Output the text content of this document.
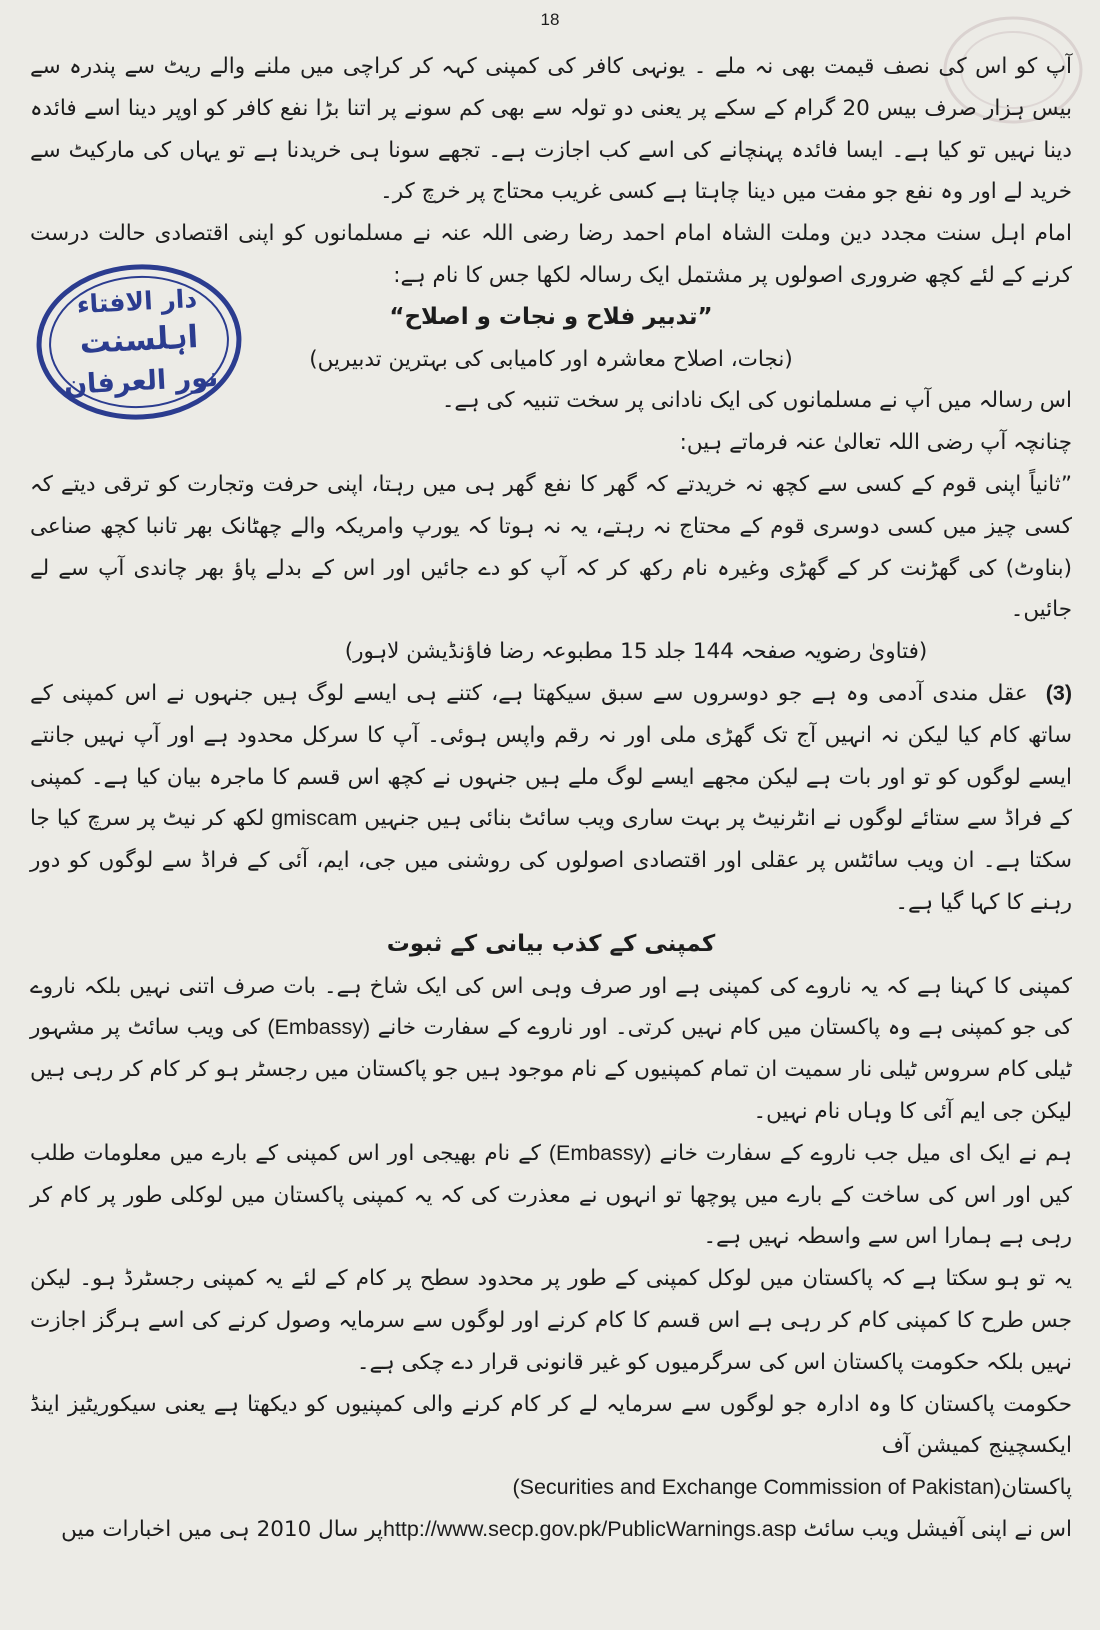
18
دار الافتاء
اہلسنت
نور العرفان

آپ کو اس کی نصف قیمت بھی نہ ملے ۔ یونہی کافر کی کمپنی کہہ کر کراچی میں ملنے والے ریٹ سے پندرہ سے بیس ہزار صرف بیس 20 گرام کے سکے پر یعنی دو تولہ سے بھی کم سونے پر اتنا بڑا نفع کافر کو اوپر دینا اسے فائدہ دینا نہیں تو کیا ہے۔ ایسا فائدہ پہنچانے کی اسے کب اجازت ہے۔ تجھے سونا ہی خریدنا ہے تو یہاں کی مارکیٹ سے خرید لے اور وہ نفع جو مفت میں دینا چاہتا ہے کسی غریب محتاج پر خرچ کر۔

امام اہل سنت مجدد دین وملت الشاہ امام احمد رضا رضی اللہ عنہ نے مسلمانوں کو اپنی اقتصادی حالت درست کرنے کے لئے کچھ ضروری اصولوں پر مشتمل ایک رسالہ لکھا جس کا نام ہے:

”تدبیر فلاح و نجات و اصلاح“

(نجات، اصلاح معاشرہ اور کامیابی کی بہترین تدبیریں)

اس رسالہ میں آپ نے مسلمانوں کی ایک نادانی پر سخت تنبیہ کی ہے۔

چنانچہ آپ رضی اللہ تعالیٰ عنہ فرماتے ہیں:

”ثانیاً اپنی قوم کے کسی سے کچھ نہ خریدتے کہ گھر کا نفع گھر ہی میں رہتا، اپنی حرفت وتجارت کو ترقی دیتے کہ کسی چیز میں کسی دوسری قوم کے محتاج نہ رہتے، یہ نہ ہوتا کہ یورپ وامریکہ والے چھٹانک بھر تانبا کچھ صناعی (بناوٹ) کی گھڑنت کر کے گھڑی وغیرہ نام رکھ کر کہ آپ کو دے جائیں اور اس کے بدلے پاؤ بھر چاندی آپ سے لے جائیں۔

(فتاویٰ رضویہ صفحہ 144 جلد 15 مطبوعہ رضا فاؤنڈیشن لاہور)

(3)عقل مندی آدمی وہ ہے جو دوسروں سے سبق سیکھتا ہے، کتنے ہی ایسے لوگ ہیں جنہوں نے اس کمپنی کے ساتھ کام کیا لیکن نہ انہیں آج تک گھڑی ملی اور نہ رقم واپس ہوئی۔ آپ کا سرکل محدود ہے اور آپ نہیں جانتے ایسے لوگوں کو تو اور بات ہے لیکن مجھے ایسے لوگ ملے ہیں جنہوں نے کچھ اس قسم کا ماجرہ بیان کیا ہے۔ کمپنی کے فراڈ سے ستائے لوگوں نے انٹرنیٹ پر بہت ساری ویب سائٹ بنائی ہیں جنہیں gmiscam لکھ کر نیٹ پر سرچ کیا جا سکتا ہے۔ ان ویب سائٹس پر عقلی اور اقتصادی اصولوں کی روشنی میں جی، ایم، آئی کے فراڈ سے لوگوں کو دور رہنے کا کہا گیا ہے۔

کمپنی کے کذب بیانی کے ثبوت

کمپنی کا کہنا ہے کہ یہ ناروے کی کمپنی ہے اور صرف وہی اس کی ایک شاخ ہے۔ بات صرف اتنی نہیں بلکہ ناروے کی جو کمپنی ہے وہ پاکستان میں کام نہیں کرتی۔ اور ناروے کے سفارت خانے (Embassy) کی ویب سائٹ پر مشہور ٹیلی کام سروس ٹیلی نار سمیت ان تمام کمپنیوں کے نام موجود ہیں جو پاکستان میں رجسٹر ہو کر کام کر رہی ہیں لیکن جی ایم آئی کا وہاں نام نہیں۔

ہم نے ایک ای میل جب ناروے کے سفارت خانے (Embassy) کے نام بھیجی اور اس کمپنی کے بارے میں معلومات طلب کیں اور اس کی ساخت کے بارے میں پوچھا تو انہوں نے معذرت کی کہ یہ کمپنی پاکستان میں لوکلی طور پر کام کر رہی ہے ہمارا اس سے واسطہ نہیں ہے۔

یہ تو ہو سکتا ہے کہ پاکستان میں لوکل کمپنی کے طور پر محدود سطح پر کام کے لئے یہ کمپنی رجسٹرڈ ہو۔ لیکن جس طرح کا کمپنی کام کر رہی ہے اس قسم کا کام کرنے اور لوگوں سے سرمایہ وصول کرنے کی اسے ہرگز اجازت نہیں بلکہ حکومت پاکستان اس کی سرگرمیوں کو غیر قانونی قرار دے چکی ہے۔

حکومت پاکستان کا وہ ادارہ جو لوگوں سے سرمایہ لے کر کام کرنے والی کمپنیوں کو دیکھتا ہے یعنی سیکوریٹیز اینڈ ایکسچینج کمیشن آف

پاکستان(Securities and Exchange Commission of Pakistan)

اس نے اپنی آفیشل ویب سائٹ http://www.secp.gov.pk/PublicWarnings.aspپر سال 2010 ہی میں اخبارات میں
